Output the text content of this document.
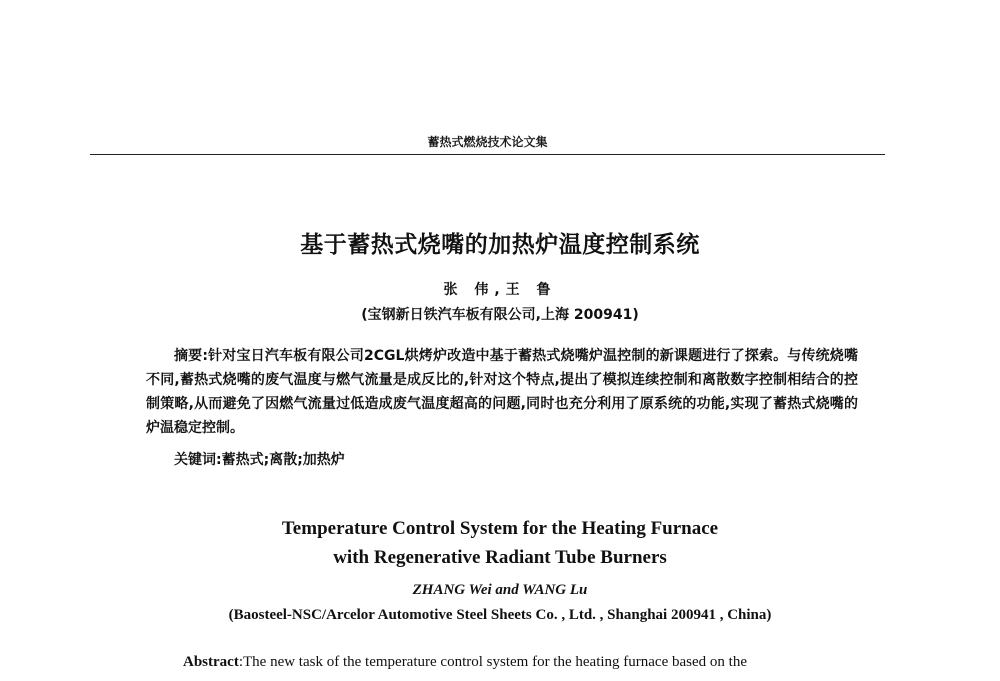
蓄热式燃烧技术论文集
基于蓄热式烧嘴的加热炉温度控制系统
张 伟,王 鲁
(宝钢新日铁汽车板有限公司,上海 200941)

摘要:针对宝日汽车板有限公司2CGL烘烤炉改造中基于蓄热式烧嘴炉温控制的新课题进行了探索。与传统烧嘴不同,蓄热式烧嘴的废气温度与燃气流量是成反比的,针对这个特点,提出了模拟连续控制和离散数字控制相结合的控制策略,从而避免了因燃气流量过低造成废气温度超高的问题,同时也充分利用了原系统的功能,实现了蓄热式烧嘴的炉温稳定控制。

关键词:蓄热式;离散;加热炉
Temperature Control System for the Heating Furnace
with Regenerative Radiant Tube Burners
ZHANG Wei and WANG Lu
(Baosteel-NSC/Arcelor Automotive Steel Sheets Co. , Ltd. , Shanghai 200941 , China)

Abstract:The new task of the temperature control system for the heating furnace based on the
